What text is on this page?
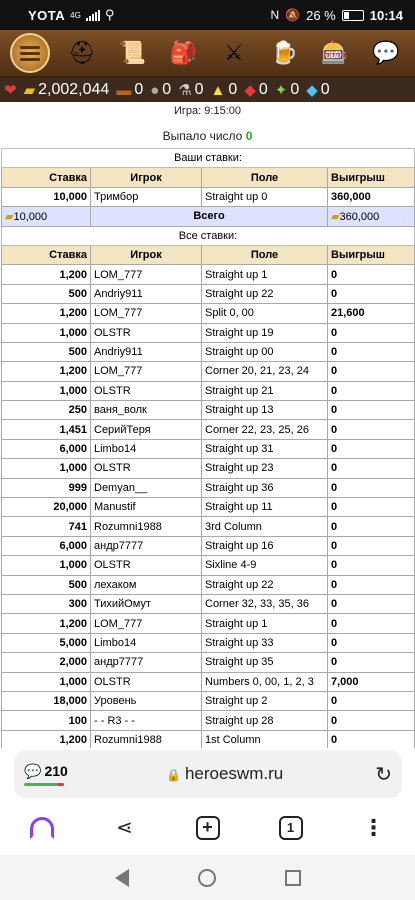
YOTA 4G ⚲	N 🔕 26 %	10:14
⛑ 📜 🎒	⚔	🍺 🎰 💬
❤ ▰ 2,002,044 ▬ 0 ● 0 ⚗ 0 ▲ 0 ◆ 0 ✦ 0 ◆ 0
Игра: 9:15:00
Выпало число 0
Ваши ставки:			
Ставка	Игрок	Поле	Выигрыш
10,000	Тримбор	Straight up 0	360,000
▰10,000	Всего		▰360,000
Все ставки:			
Ставка	Игрок	Поле	Выигрыш
1,200	LOM_777	Straight up 1	0
500	Andriy911	Straight up 22	0
1,200	LOM_777	Split 0, 00	21,600
1,000	OLSTR	Straight up 19	0
500	Andriy911	Straight up 00	0
1,200	LOM_777	Corner 20, 21, 23, 24	0
1,000	OLSTR	Straight up 21	0
250	ваня_волк	Straight up 13	0
1,451	СерийТеря	Corner 22, 23, 25, 26	0
6,000	Limbo14	Straight up 31	0
1,000	OLSTR	Straight up 23	0
999	Demyan__	Straight up 36	0
20,000	Manustif	Straight up 11	0
741	Rozumni1988	3rd Column	0
6,000	андр7777	Straight up 16	0
1,000	OLSTR	Sixline 4-9	0
500	лехаком	Straight up 22	0
300	ТихийОмут	Corner 32, 33, 35, 36	0
1,200	LOM_777	Straight up 1	0
5,000	Limbo14	Straight up 33	0
2,000	андр7777	Straight up 35	0
1,000	OLSTR	Numbers 0, 00, 1, 2, 3	7,000
18,000	Уровень	Straight up 2	0
100	- - R3 - -	Straight up 28	0
1,200	Rozumni1988	1st Column	0
💬 210	🔒 heroeswm.ru	↻
⋖	+	1	⋮
